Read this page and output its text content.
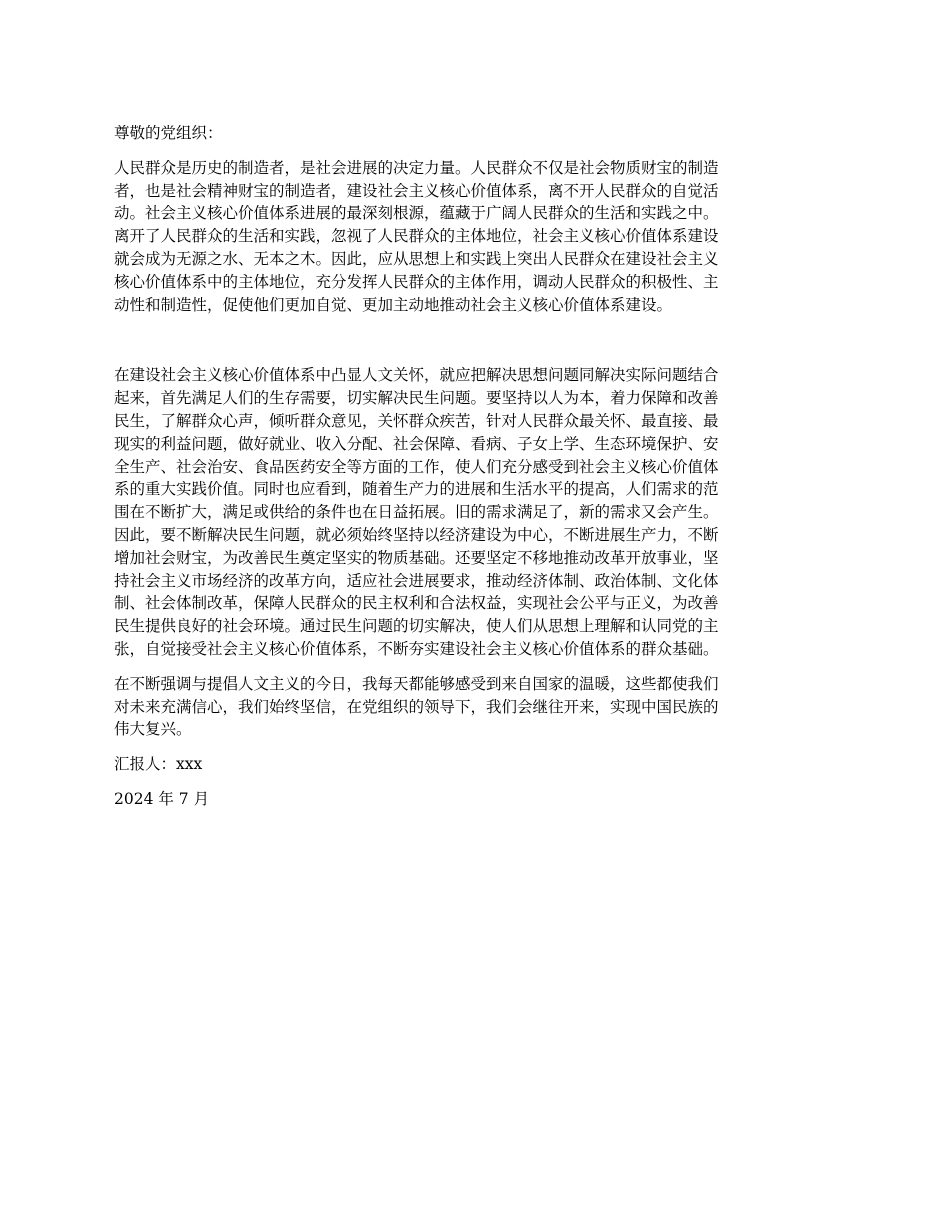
尊敬的党组织：

人民群众是历史的制造者，是社会进展的决定力量。人民群众不仅是社会物质财宝的制造
者，也是社会精神财宝的制造者，建设社会主义核心价值体系，离不开人民群众的自觉活
动。社会主义核心价值体系进展的最深刻根源，蕴藏于广阔人民群众的生活和实践之中。
离开了人民群众的生活和实践，忽视了人民群众的主体地位，社会主义核心价值体系建设
就会成为无源之水、无本之木。因此，应从思想上和实践上突出人民群众在建设社会主义
核心价值体系中的主体地位，充分发挥人民群众的主体作用，调动人民群众的积极性、主
动性和制造性，促使他们更加自觉、更加主动地推动社会主义核心价值体系建设。

在建设社会主义核心价值体系中凸显人文关怀，就应把解决思想问题同解决实际问题结合
起来，首先满足人们的生存需要，切实解决民生问题。要坚持以人为本，着力保障和改善
民生，了解群众心声，倾听群众意见，关怀群众疾苦，针对人民群众最关怀、最直接、最
现实的利益问题，做好就业、收入分配、社会保障、看病、子女上学、生态环境保护、安
全生产、社会治安、食品医药安全等方面的工作，使人们充分感受到社会主义核心价值体
系的重大实践价值。同时也应看到，随着生产力的进展和生活水平的提高，人们需求的范
围在不断扩大，满足或供给的条件也在日益拓展。旧的需求满足了，新的需求又会产生。
因此，要不断解决民生问题，就必须始终坚持以经济建设为中心，不断进展生产力，不断
增加社会财宝，为改善民生奠定坚实的物质基础。还要坚定不移地推动改革开放事业，坚
持社会主义市场经济的改革方向，适应社会进展要求，推动经济体制、政治体制、文化体
制、社会体制改革，保障人民群众的民主权利和合法权益，实现社会公平与正义，为改善
民生提供良好的社会环境。通过民生问题的切实解决，使人们从思想上理解和认同党的主
张，自觉接受社会主义核心价值体系，不断夯实建设社会主义核心价值体系的群众基础。

在不断强调与提倡人文主义的今日，我每天都能够感受到来自国家的温暖，这些都使我们
对未来充满信心，我们始终坚信，在党组织的领导下，我们会继往开来，实现中国民族的
伟大复兴。

汇报人：xxx

2024 年 7 月
